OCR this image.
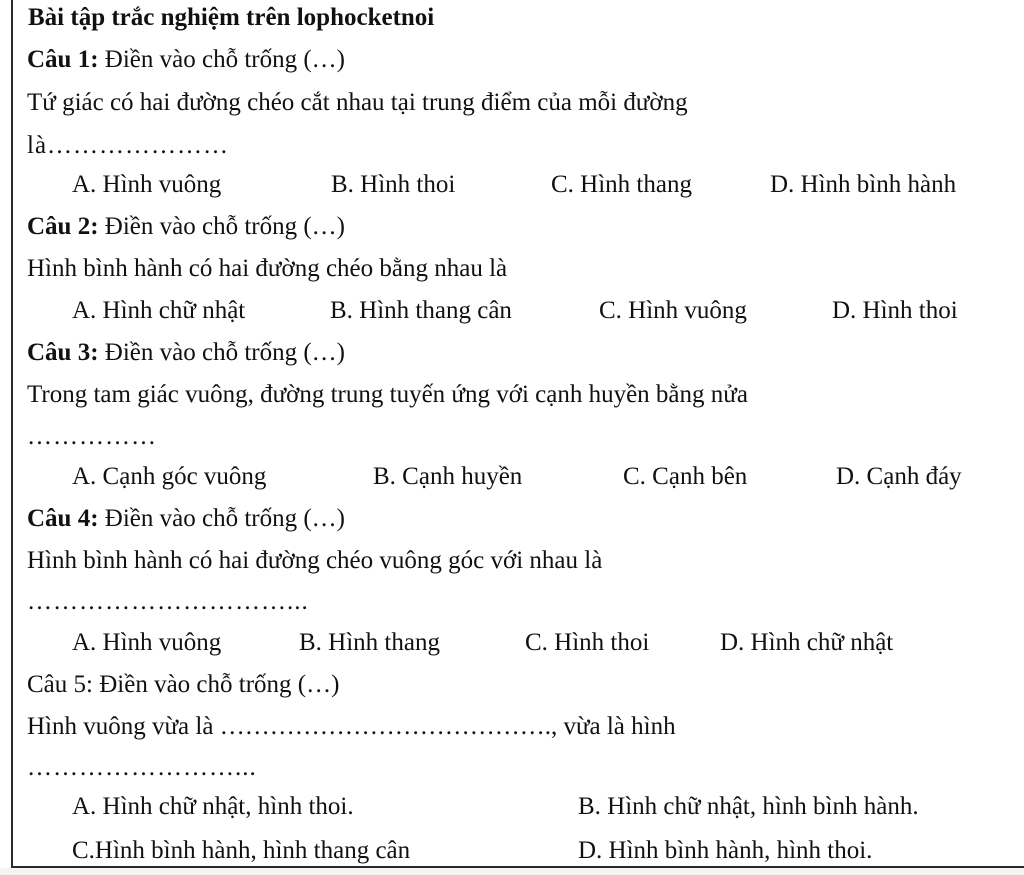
Bài tập trắc nghiệm trên lophocketnoi
Câu 1: Điền vào chỗ trống (…)
Tứ giác có hai đường chéo cắt nhau tại trung điểm của mỗi đường
là…………………
A. Hình vuông	B. Hình thoi	C. Hình thang	D. Hình bình hành
Câu 2: Điền vào chỗ trống (…)
Hình bình hành có hai đường chéo bằng nhau là
A. Hình chữ nhật	B. Hình thang cân	C. Hình vuông	D. Hình thoi
Câu 3: Điền vào chỗ trống (…)
Trong tam giác vuông, đường trung tuyến ứng với cạnh huyền bằng nửa
……………
A. Cạnh góc vuông	B. Cạnh huyền	C. Cạnh bên	D. Cạnh đáy
Câu 4: Điền vào chỗ trống (…)
Hình bình hành có hai đường chéo vuông góc với nhau là
…………………………...
A. Hình vuông	B. Hình thang	C. Hình thoi	D. Hình chữ nhật
Câu 5: Điền vào chỗ trống (…)
Hình vuông vừa là …………………………………., vừa là hình
……………………...
A. Hình chữ nhật, hình thoi.	B. Hình chữ nhật, hình bình hành.
C.Hình bình hành, hình thang cân	D. Hình bình hành, hình thoi.
